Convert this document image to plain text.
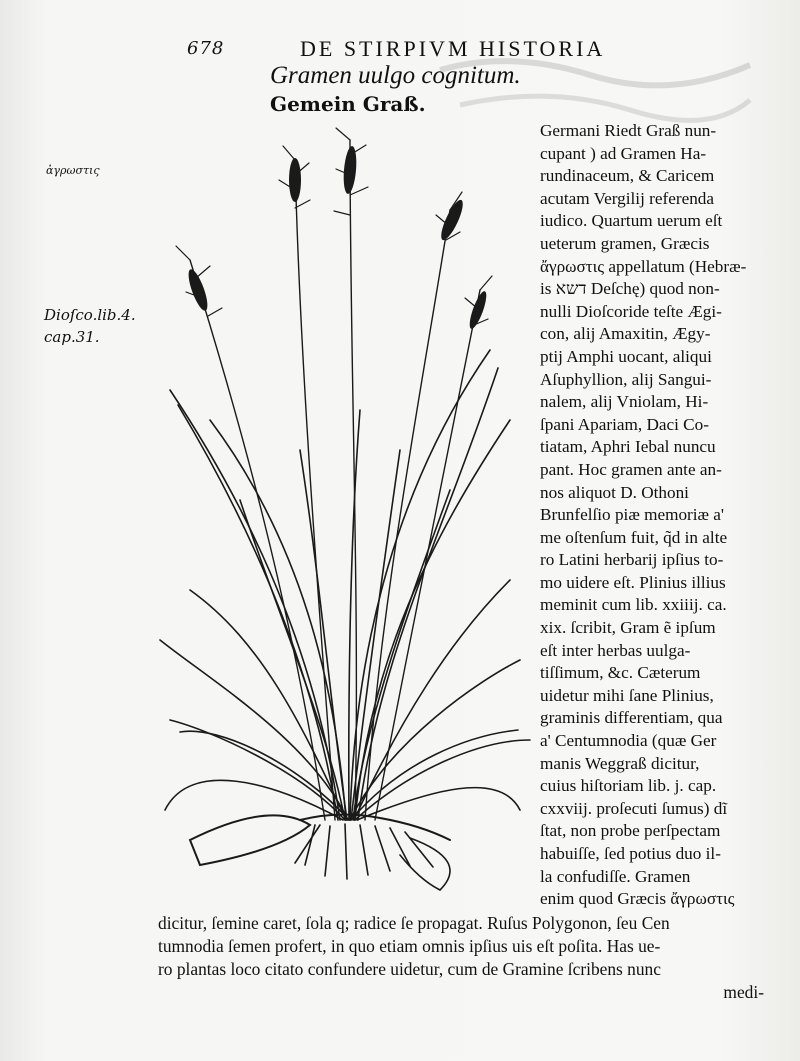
678	DE STIRPIVM HISTORIA
Gramen uulgo cognitum.
Gemein Graß.
ἀγρωστις
Dioſco.lib.4.
cap.31.
Germani Riedt Graß nun-
cupant ) ad Gramen Ha-
rundinaceum, & Caricem
acutam Vergilij referenda
iudico. Quartum uerum eſt
ueterum gramen, Græcis
ἄγρωστις appellatum (Hebræ-
is דשא Deſchę) quod non-
nulli Dioſcoride teſte Ægi-
con, alij Amaxitin, Ægy-
ptij Amphi uocant, aliqui
Aſuphyllion, alij Sangui-
nalem, alij Vniolam, Hi-
ſpani Apariam, Daci Co-
tiatam, Aphri Iebal nuncu
pant. Hoc gramen ante an-
nos aliquot D. Othoni
Brunfelſio piæ memoriæ a'
me oſtenſum fuit, q̃d in alte
ro Latini herbarij ipſius to-
mo uidere eſt. Plinius illius
meminit cum lib. xxiiij. ca.
xix. ſcribit, Gram ẽ ipſum
eſt inter herbas uulga-
tiſſimum, &c. Cæterum
uidetur mihi ſane Plinius,
graminis differentiam, qua
a' Centumnodia (quæ Ger
manis Weggraß dicitur,
cuius hiſtoriam lib. j. cap.
cxxviij. proſecuti ſumus) dĩ
ſtat, non probe perſpectam
habuiſſe, ſed potius duo il-
la confudiſſe. Gramen
enim quod Græcis ἄγρωστις
dicitur, ſemine caret, ſola q; radice ſe propagat. Ruſus Polygonon, ſeu Cen
tumnodia ſemen profert, in quo etiam omnis ipſius uis eſt poſita. Has ue-
ro plantas loco citato confundere uidetur, cum de Gramine ſcribens nunc
medi-
